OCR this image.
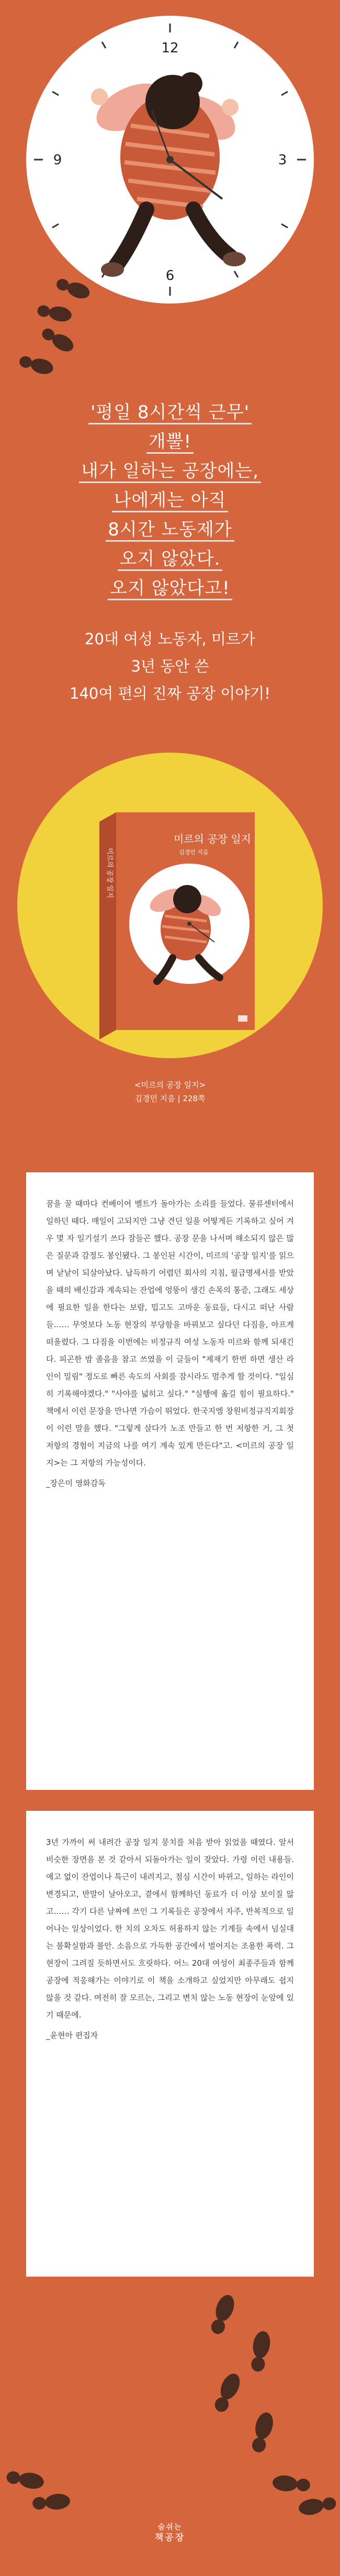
12
3
6
9
'평일 8시간씩 근무'
개뿔!
내가 일하는 공장에는,
나에게는 아직
8시간 노동제가
오지 않았다.
오지 않았다고!
20대 여성 노동자, 미르가
3년 동안 쓴
140여 편의 진짜 공장 이야기!
미르의 공장 일지
미르의 공장 일지
김경민 지음
<미르의 공장 일지>
김경민 지음 | 228쪽

꿈을 꿀 때마다 컨베이어 벨트가 돌아가는 소리를 들었다. 물류센터에서 일하던 때다. 매일이 고되지만 그냥 견딘 일을 어떻게든 기록하고 싶어 겨우 몇 자 일기설기 쓰다 잠들곤 했다. 공장 문을 나서며 해소되지 않은 많은 질문과 감정도 봉인됐다. 그 봉인된 시간이, 미르의 '공장 일지'를 읽으며 낱낱이 되살아났다. 납득하기 어렵던 회사의 지침, 월급명세서를 받았을 때의 배신감과 계속되는 잔업에 엉뚱이 생긴 손목의 통증, 그래도 세상에 필요한 일을 한다는 보람, 밉고도 고마운 동료들, 다시고 떠난 사람들…… 무엇보다 노동 현장의 부당함을 바꿔보고 싶다던 다짐을, 아프게 떠올렸다. 그 다짐을 이번에는 비정규직 여성 노동자 미르와 함께 되새긴다. 피곤한 밤 졸음을 참고 쓰였을 이 글들이 "제재기 한번 하면 생산 라인이 밀림" 정도로 빠른 속도의 사회를 잠시라도 멈추게 할 것이다. "일심히 기록해야겠다." "사야를 넓히고 싶다." "실행에 옮길 힘이 필요하다." 책에서 이런 문장을 만나면 가슴이 뛰었다. 한국지엠 창원비정규직지회장이 이런 말을 했다. "그렇게 살다가 노조 만들고 한 번 저항한 거, 그 첫 저항의 경험이 지금의 나를 여기 계속 있게 만든다"고. <미르의 공장 일지>는 그 저항의 가능성이다.

_장은미 영화감독

3년 가까이 써 내려간 공장 일지 뭉치를 처음 받아 읽었을 때였다. 알서 비슷한 장면을 본 것 같아서 되돌아가는 일이 잦았다. 가령 이런 내용들. 예고 없이 잔업이나 특근이 내려지고, 점심 시간이 바뀌고, 일하는 라인이 변경되고, 반말이 날아오고, 곁에서 함께하던 동료가 더 이상 보이질 않고…… 각기 다른 날짜에 쓰인 그 기록들은 공장에서 자주, 반복적으로 일어나는 일상이었다. 한 치의 오차도 허용하지 않는 기계들 속에서 넘실대는 불확실함과 불안. 소음으로 가득한 공간에서 벌어지는 조용한 폭력. 그 현장이 그려질 듯하면서도 흐릿하다. 어느 20대 여성이 최종주들과 함께 공장에 적응해가는 이야기로 이 책을 소개하고 싶었지만 아무래도 쉽지 않을 것 같다. 여전히 잘 모르는, 그리고 변치 않는 노동 현장이 눈앞에 있기 때문에.

_윤현아 편집자

숨쉬는
책공장
